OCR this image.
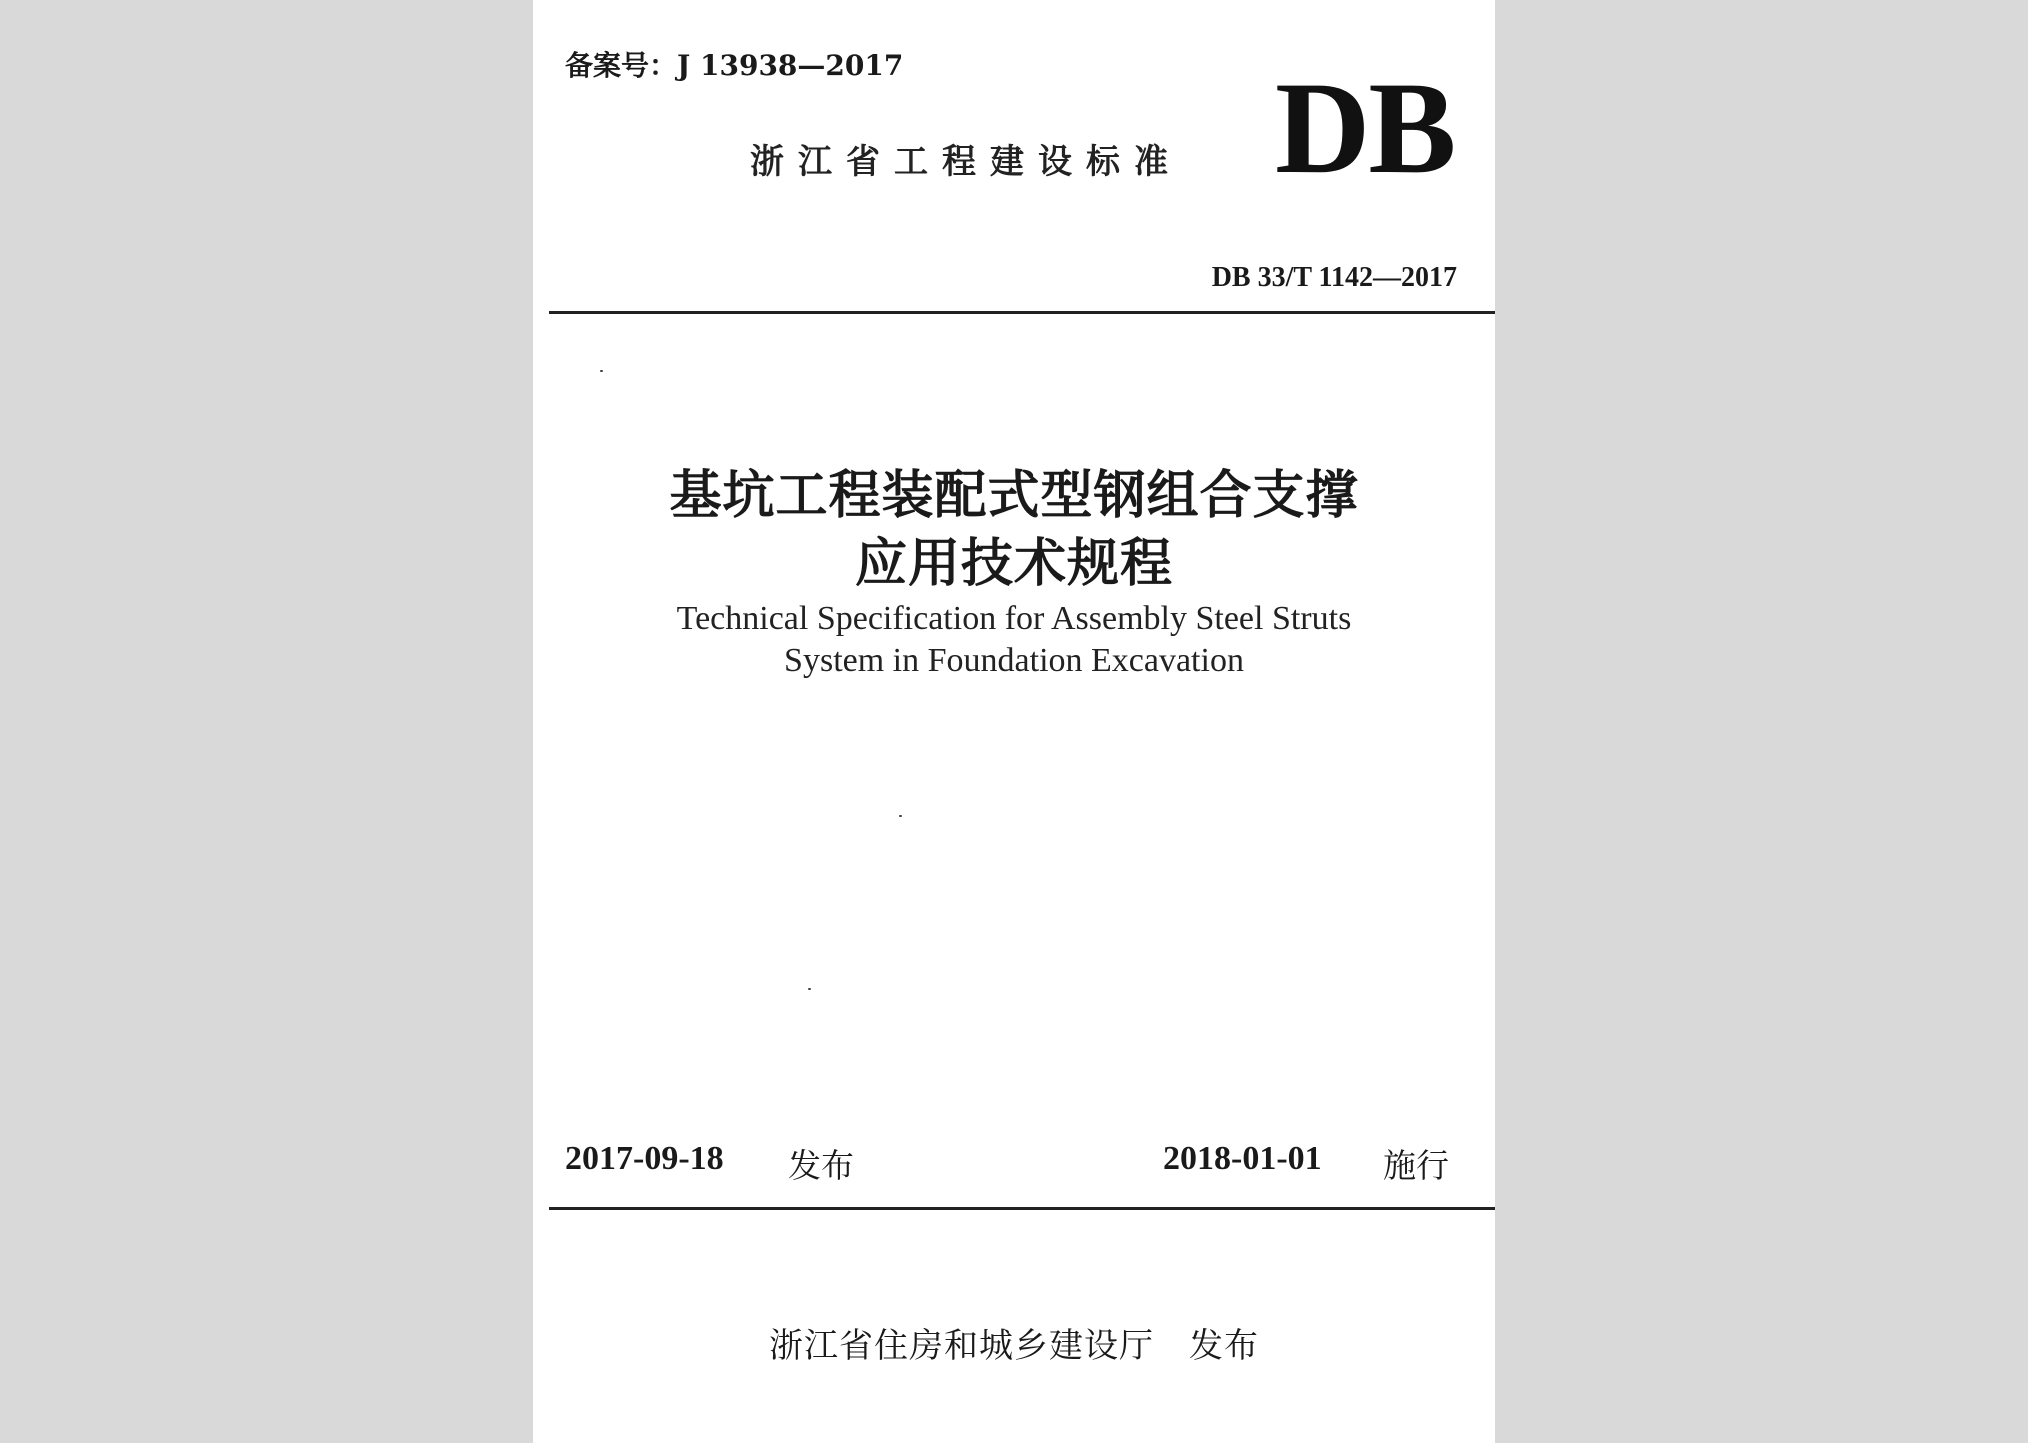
备案号：J 13938—2017
浙江省工程建设标准 DB
DB 33/T 1142—2017
基坑工程装配式型钢组合支撑
应用技术规程
Technical Specification for Assembly Steel Struts
System in Foundation Excavation
2017-09-18 发布	2018-01-01 施行
浙江省住房和城乡建设厅　发布
